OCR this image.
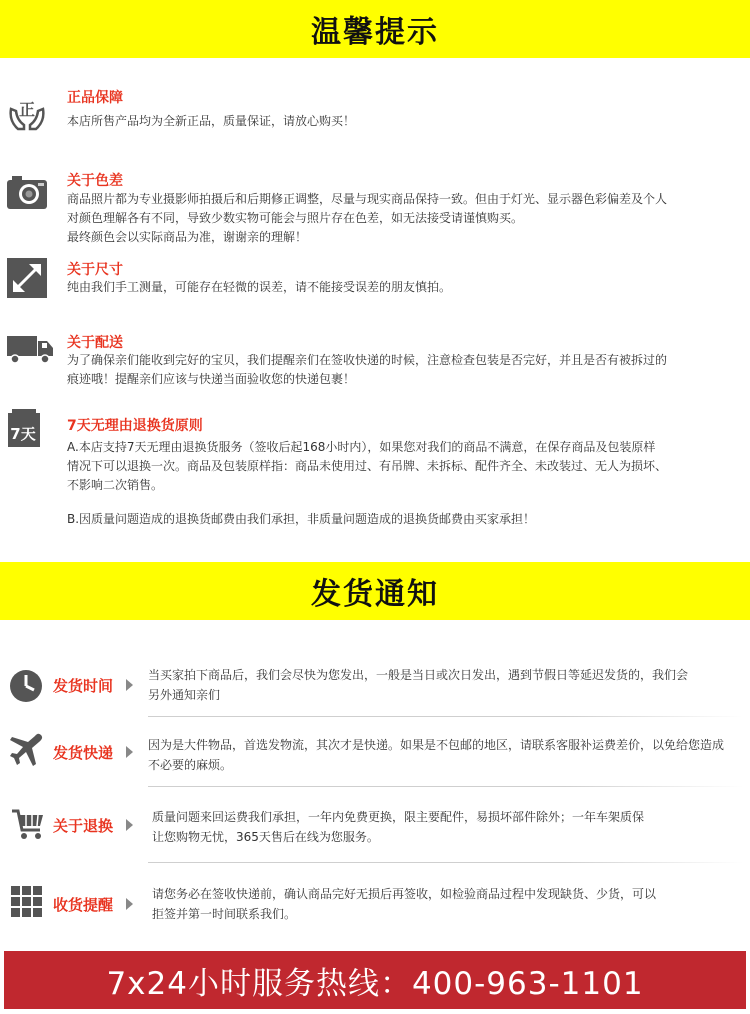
温馨提示
正
正品保障

本店所售产品均为全新正品，质量保证，请放心购买！

关于色差

商品照片都为专业摄影师拍摄后和后期修正调整，尽量与现实商品保持一致。但由于灯光、显示器色彩偏差及个人

对颜色理解各有不同，导致少数实物可能会与照片存在色差，如无法接受请谨慎购买。

最终颜色会以实际商品为准，谢谢亲的理解！

关于尺寸

纯由我们手工测量，可能存在轻微的误差，请不能接受误差的朋友慎拍。

关于配送

为了确保亲们能收到完好的宝贝，我们提醒亲们在签收快递的时候，注意检查包装是否完好，并且是否有被拆过的

痕迹哦！提醒亲们应该与快递当面验收您的快递包裹！

7天 7天无理由退换货原则

A.本店支持7天无理由退换货服务（签收后起168小时内），如果您对我们的商品不满意，在保存商品及包装原样

情况下可以退换一次。商品及包装原样指：商品未使用过、有吊牌、未拆标、配件齐全、未改装过、无人为损坏、

不影响二次销售。

B.因质量问题造成的退换货邮费由我们承担，非质量问题造成的退换货邮费由买家承担！

发货通知
发货时间

当买家拍下商品后，我们会尽快为您发出，一般是当日或次日发出，遇到节假日等延迟发货的，我们会

另外通知亲们

发货快递	因为是大件物品，首选发物流，其次才是快递。如果是不包邮的地区，请联系客服补运费差价，以免给您造成

不必要的麻烦。

关于退换	质量问题来回运费我们承担，一年内免费更换，限主要配件，易损坏部件除外；一年车架质保

让您购物无忧，365天售后在线为您服务。

收货提醒

请您务必在签收快递前，确认商品完好无损后再签收，如检验商品过程中发现缺货、少货，可以

拒签并第一时间联系我们。

7x24小时服务热线：400-963-1101
